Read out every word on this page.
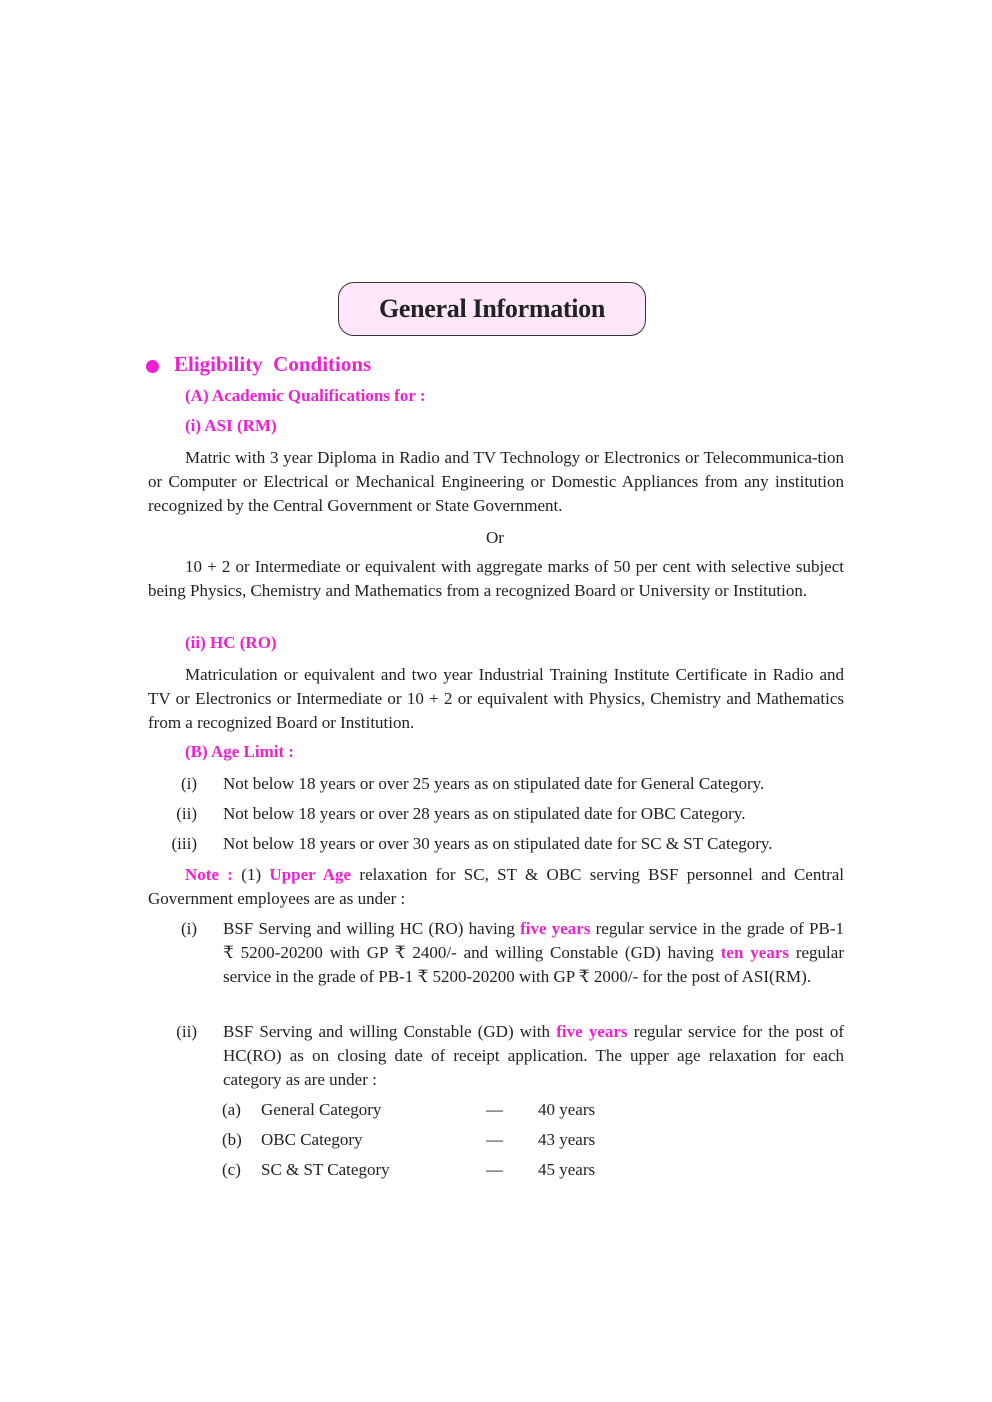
General Information
Eligibility  Conditions
(A) Academic Qualifications for :
(i) ASI (RM)
Matric with 3 year Diploma in Radio and TV Technology or Electronics or Telecommunica-tion or Computer or Electrical or Mechanical Engineering or Domestic Appliances from any institution recognized by the Central Government or State Government.
Or
10 + 2 or Intermediate or equivalent with aggregate marks of 50 per cent with selective subject being Physics, Chemistry and Mathematics from a recognized Board or University or Institution.
(ii) HC (RO)
Matriculation or equivalent and two year Industrial Training Institute Certificate in Radio and TV or Electronics or Intermediate or 10 + 2 or equivalent with Physics, Chemistry and Mathematics from a recognized Board or Institution.
(B) Age Limit :
(i)	Not below 18 years or over 25 years as on stipulated date for General Category.
(ii)	Not below 18 years or over 28 years as on stipulated date for OBC Category.
(iii)	Not below 18 years or over 30 years as on stipulated date for SC & ST Category.
Note : (1) Upper Age relaxation for SC, ST & OBC serving BSF personnel and Central Government employees are as under :
(i)	BSF Serving and willing HC (RO) having five years regular service in the grade of PB-1 ₹ 5200-20200 with GP ₹ 2400/- and willing Constable (GD) having ten years regular service in the grade of PB-1 ₹ 5200-20200 with GP ₹ 2000/- for the post of ASI(RM).
(ii)	BSF Serving and willing Constable (GD) with five years regular service for the post of HC(RO) as on closing date of receipt application. The upper age relaxation for each category as are under :
(a) General Category	— 40 years
(b) OBC Category	— 43 years
(c) SC & ST Category	— 45 years
